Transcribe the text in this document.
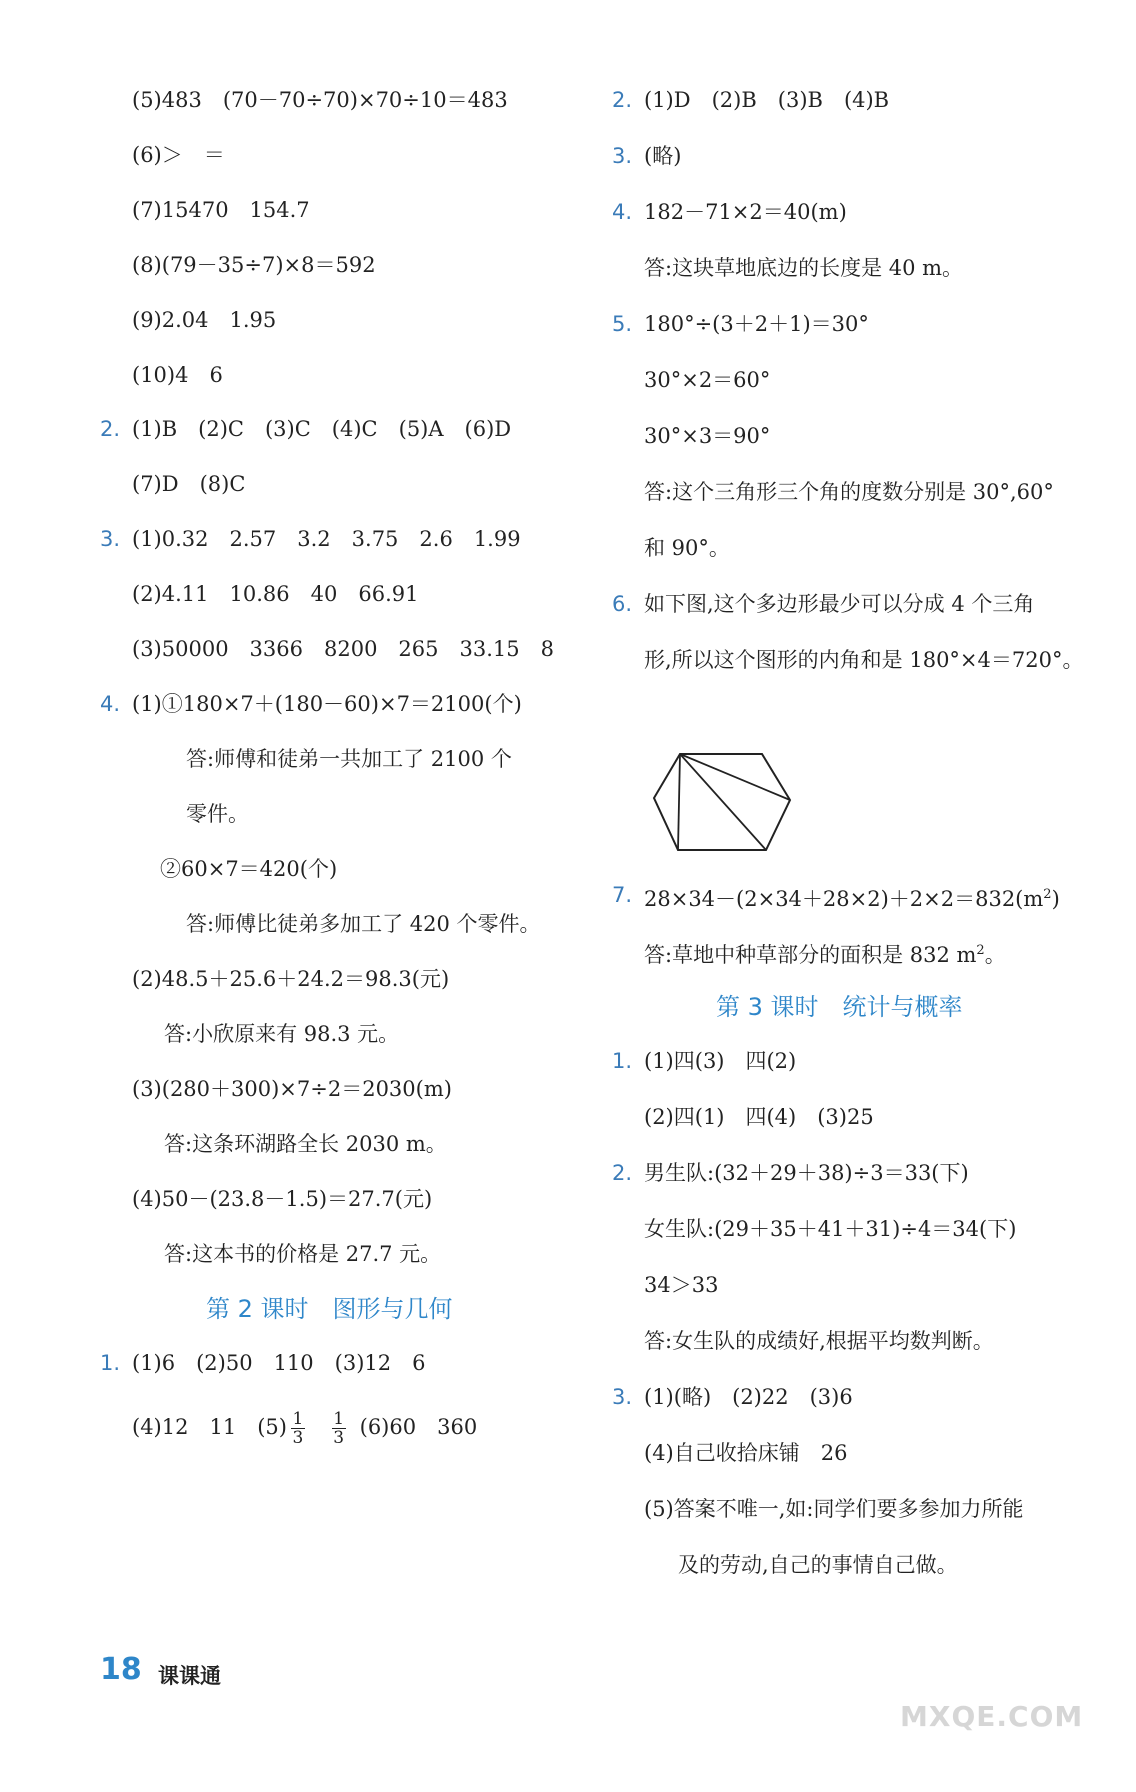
(5)483　(70－70÷70)×70÷10＝483
(6)＞　＝
(7)15470　154.7
(8)(79－35÷7)×8＝592
(9)2.04　1.95
(10)4　6
2. (1)B　(2)C　(3)C　(4)C　(5)A　(6)D
(7)D　(8)C
3. (1)0.32　2.57　3.2　3.75　2.6　1.99
(2)4.11　10.86　40　66.91
(3)50000　3366　8200　265　33.15　8
4. (1)①180×7＋(180－60)×7＝2100(个)
答:师傅和徒弟一共加工了 2100 个
零件。
②60×7＝420(个)
答:师傅比徒弟多加工了 420 个零件。
(2)48.5＋25.6＋24.2＝98.3(元)
答:小欣原来有 98.3 元。
(3)(280＋300)×7÷2＝2030(m)
答:这条环湖路全长 2030 m。
(4)50－(23.8－1.5)＝27.7(元)
答:这本书的价格是 27.7 元。
第 2 课时　图形与几何
1. (1)6　(2)50　110　(3)12　6
(4)12　11　$(5) \frac{1}{3}$
$\frac{1}{3} (6)60$　360
2. (1)D　(2)B　(3)B　(4)B
3. (略)
4. 182－71×2＝40(m)
答:这块草地底边的长度是 40 m。
5. 180°÷(3＋2＋1)＝30°
30°×2＝60°
30°×3＝90°
答:这个三角形三个角的度数分别是 30°,60°
和 90°。
6. 如下图,这个多边形最少可以分成 4 个三角
形,所以这个图形的内角和是 180°×4＝720°。
7. $28\times 34-(2\times 34+28\times 2)+2\times 2=832(m^2)$
答:草地中种草部分的面积是 832 $m^2$。
第 3 课时　统计与概率
1. (1)四(3)　四(2)
(2)四(1)　四(4)　(3)25
2. 男生队:(32＋29＋38)÷3＝33(下)
女生队:(29＋35＋41＋31)÷4＝34(下)
34＞33
答:女生队的成绩好,根据平均数判断。
3. (1)(略)　(2)22　(3)6
(4)自己收拾床铺　26
(5)答案不唯一,如:同学们要多参加力所能
及的劳动,自己的事情自己做。
18 课课通
MXQE.COM
